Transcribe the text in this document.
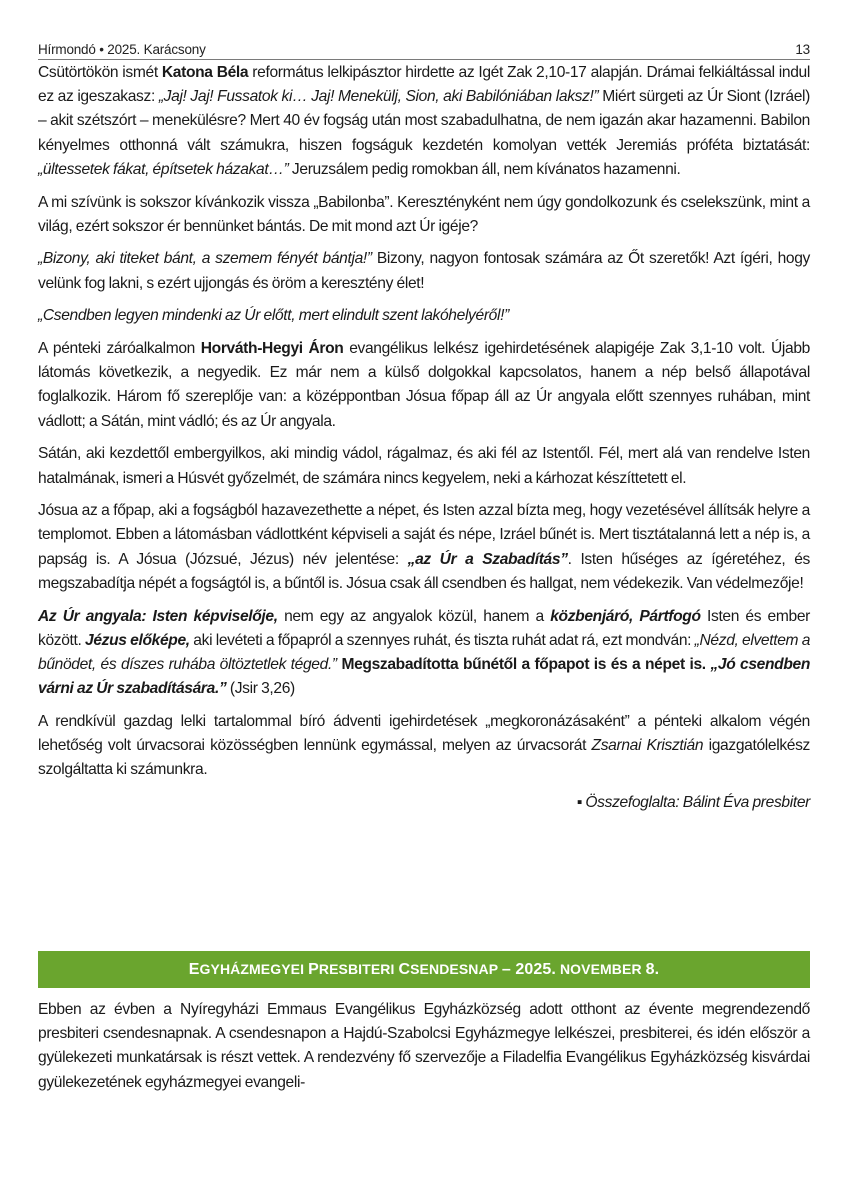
Hírmondó • 2025. Karácsony	13

Csütörtökön ismét Katona Béla református lelkipásztor hirdette az Igét Zak 2,10-17 alapján. Drámai felkiáltással indul ez az igeszakasz: „Jaj! Jaj! Fussatok ki… Jaj! Menekülj, Sion, aki Babilóniában laksz!” Miért sürgeti az Úr Siont (Izráel) – akit szétszórt – menekülésre? Mert 40 év fogság után most szabadulhatna, de nem igazán akar hazamenni. Babilon kényelmes otthonná vált számukra, hiszen fogságuk kezdetén komolyan vették Jeremiás próféta biztatását: „ültessetek fákat, építsetek házakat…” Jeruzsálem pedig romokban áll, nem kívánatos hazamenni.

A mi szívünk is sokszor kívánkozik vissza „Babilonba”. Keresztényként nem úgy gondolkozunk és cselekszünk, mint a világ, ezért sokszor ér bennünket bántás. De mit mond azt Úr igéje?

„Bizony, aki titeket bánt, a szemem fényét bántja!” Bizony, nagyon fontosak számára az Őt szeretők! Azt ígéri, hogy velünk fog lakni, s ezért ujjongás és öröm a keresztény élet!

„Csendben legyen mindenki az Úr előtt, mert elindult szent lakóhelyéről!”

A pénteki záróalkalmon Horváth-Hegyi Áron evangélikus lelkész igehirdetésének alapigéje Zak 3,1-10 volt. Újabb látomás következik, a negyedik. Ez már nem a külső dolgokkal kapcsolatos, hanem a nép belső állapotával foglalkozik. Három fő szereplője van: a középpontban Jósua főpap áll az Úr angyala előtt szennyes ruhában, mint vádlott; a Sátán, mint vádló; és az Úr angyala.

Sátán, aki kezdettől embergyilkos, aki mindig vádol, rágalmaz, és aki fél az Istentől. Fél, mert alá van rendelve Isten hatalmának, ismeri a Húsvét győzelmét, de számára nincs kegyelem, neki a kárhozat készíttetett el.

Jósua az a főpap, aki a fogságból hazavezethette a népet, és Isten azzal bízta meg, hogy vezetésével állítsák helyre a templomot. Ebben a látomásban vádlottként képviseli a saját és népe, Izráel bűnét is. Mert tisztátalanná lett a nép is, a papság is. A Jósua (Józsué, Jézus) név jelentése: „az Úr a Szabadítás”. Isten hűséges az ígéretéhez, és megszabadítja népét a fogságtól is, a bűntől is. Jósua csak áll csendben és hallgat, nem védekezik. Van védelmezője!

Az Úr angyala: Isten képviselője, nem egy az angyalok közül, hanem a közbenjáró, Pártfogó Isten és ember között. Jézus előképe, aki levéteti a főpapról a szennyes ruhát, és tiszta ruhát adat rá, ezt mondván: „Nézd, elvettem a bűnödet, és díszes ruhába öltöztetlek téged.” Megszabadította bűnétől a főpapot is és a népet is. „Jó csendben várni az Úr szabadítására.” (Jsir 3,26)

A rendkívül gazdag lelki tartalommal bíró ádventi igehirdetések „megkoronázásaként” a pénteki alkalom végén lehetőség volt úrvacsorai közösségben lennünk egymással, melyen az úrvacsorát Zsarnai Krisztián igazgatólelkész szolgáltatta ki számunkra.

▪ Összefoglalta: Bálint Éva presbiter

EGYHÁZMEGYEI PRESBITERI CSENDESNAP – 2025. NOVEMBER 8.

Ebben az évben a Nyíregyházi Emmaus Evangélikus Egyházközség adott otthont az évente megrendezendő presbiteri csendesnapnak. A csendesnapon a Hajdú-Szabolcsi Egyházmegye lelkészei, presbiterei, és idén először a gyülekezeti munkatársak is részt vettek. A rendezvény fő szervezője a Filadelfia Evangélikus Egyházközség kisvárdai gyülekezetének egyházmegyei evangeli-
